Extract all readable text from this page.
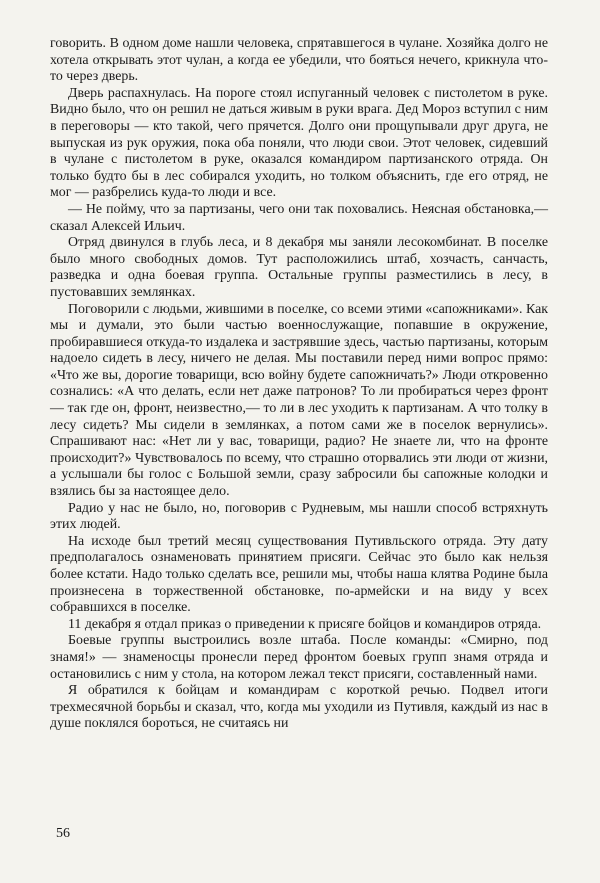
говорить. В одном доме нашли человека, спрятавшегося в чулане. Хозяйка долго не хотела открывать этот чулан, а когда ее убедили, что бояться нечего, крикнула что-то через дверь.

Дверь распахнулась. На пороге стоял испуганный человек с пистолетом в руке. Видно было, что он решил не даться живым в руки врага. Дед Мороз вступил с ним в переговоры — кто такой, чего прячется. Долго они прощупывали друг друга, не выпуская из рук оружия, пока оба поняли, что люди свои. Этот человек, сидевший в чулане с пистолетом в руке, оказался командиром партизанского отряда. Он только будто бы в лес собирался уходить, но толком объяснить, где его отряд, не мог — разбрелись куда-то люди и все.

— Не пойму, что за партизаны, чего они так поховались. Неясная обстановка,— сказал Алексей Ильич.

Отряд двинулся в глубь леса, и 8 декабря мы заняли лесокомбинат. В поселке было много свободных домов. Тут расположились штаб, хозчасть, санчасть, разведка и одна боевая группа. Остальные группы разместились в лесу, в пустовавших землянках.

Поговорили с людьми, жившими в поселке, со всеми этими «сапожниками». Как мы и думали, это были частью военнослужащие, попавшие в окружение, пробиравшиеся откуда-то издалека и застрявшие здесь, частью партизаны, которым надоело сидеть в лесу, ничего не делая. Мы поставили перед ними вопрос прямо: «Что же вы, дорогие товарищи, всю войну будете сапожничать?» Люди откровенно сознались: «А что делать, если нет даже патронов? То ли пробираться через фронт — так где он, фронт, неизвестно,— то ли в лес уходить к партизанам. А что толку в лесу сидеть? Мы сидели в землянках, а потом сами же в поселок вернулись». Спрашивают нас: «Нет ли у вас, товарищи, радио? Не знаете ли, что на фронте происходит?» Чувствовалось по всему, что страшно оторвались эти люди от жизни, а услышали бы голос с Большой земли, сразу забросили бы сапожные колодки и взялись бы за настоящее дело.

Радио у нас не было, но, поговорив с Рудневым, мы нашли способ встряхнуть этих людей.

На исходе был третий месяц существования Путивльского отряда. Эту дату предполагалось ознаменовать принятием присяги. Сейчас это было как нельзя более кстати. Надо только сделать все, решили мы, чтобы наша клятва Родине была произнесена в торжественной обстановке, по-армейски и на виду у всех собравшихся в поселке.

11 декабря я отдал приказ о приведении к присяге бойцов и командиров отряда.

Боевые группы выстроились возле штаба. После команды: «Смирно, под знамя!» — знаменосцы пронесли перед фронтом боевых групп знамя отряда и остановились с ним у стола, на котором лежал текст присяги, составленный нами.

Я обратился к бойцам и командирам с короткой речью. Подвел итоги трехмесячной борьбы и сказал, что, когда мы уходили из Путивля, каждый из нас в душе поклялся бороться, не считаясь ни

56
